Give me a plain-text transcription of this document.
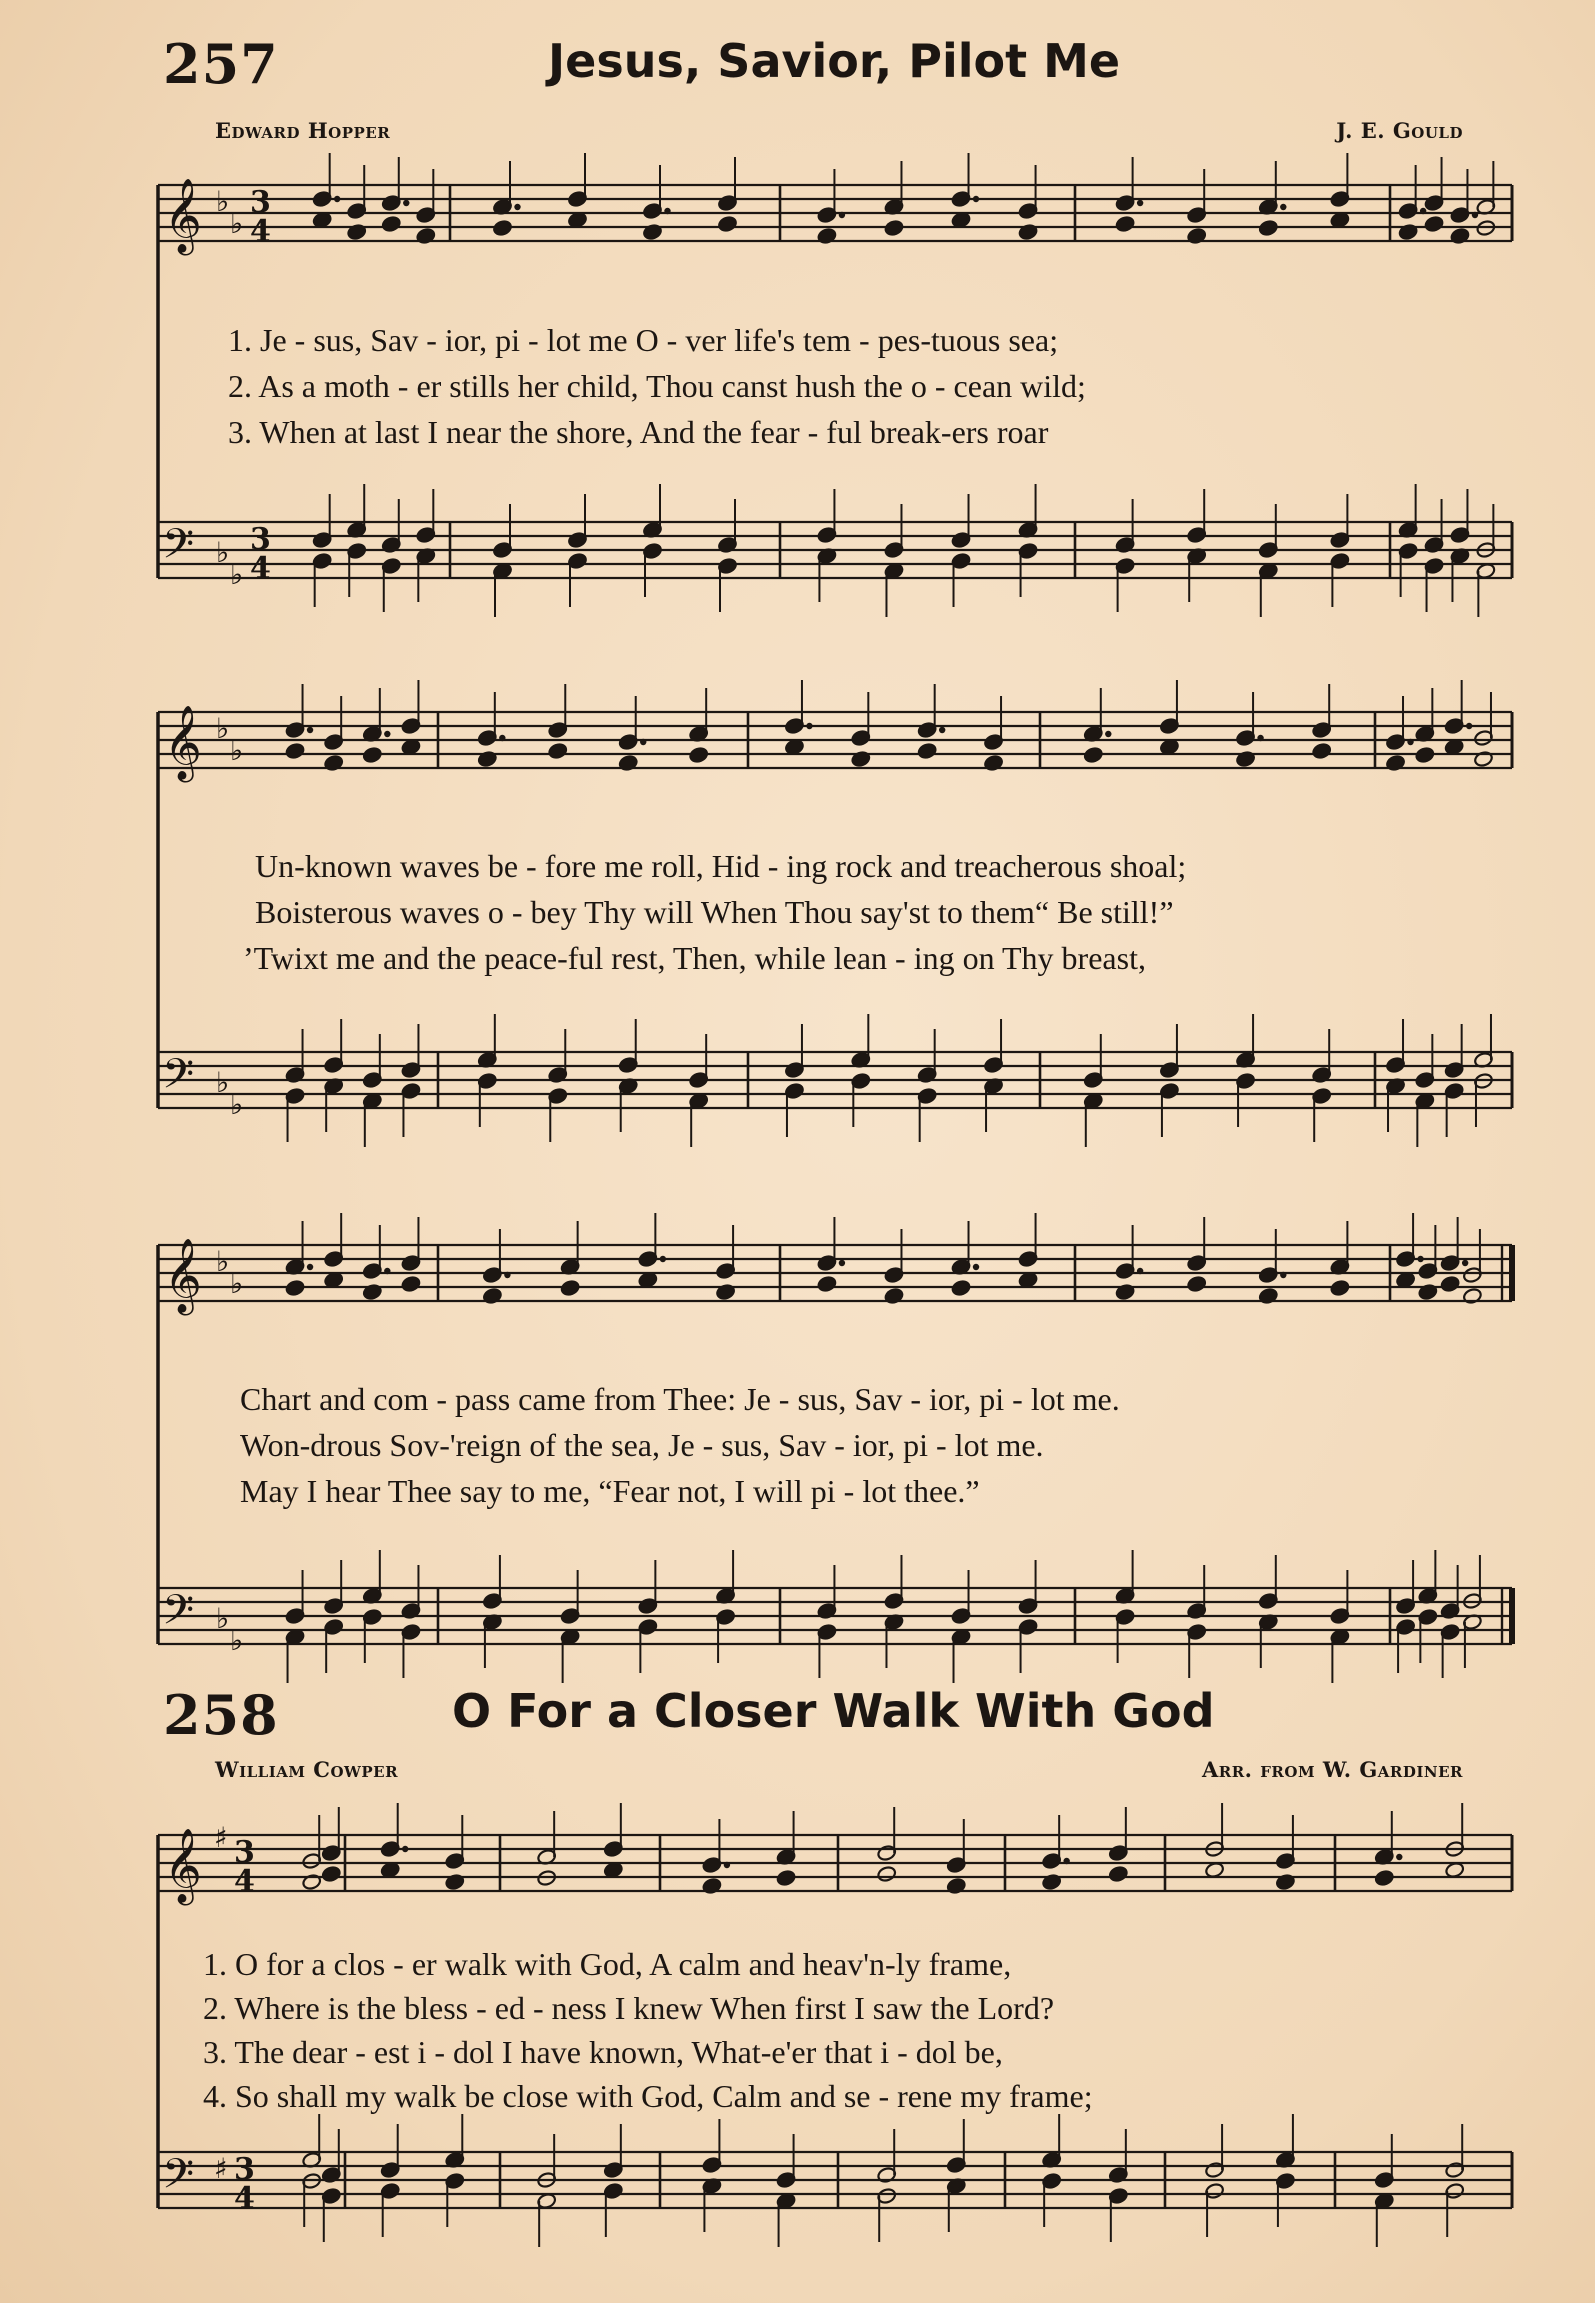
257	Jesus, Savior, Pilot Me
Edward Hopper	J. E. Gould
1. Je - sus, Sav - ior, pi - lot me O - ver life's tem - pes-tuous sea;
2. As a moth - er stills her child, Thou canst hush the o - cean wild;
3. When at last I near the shore, And the fear - ful break-ers roar
Un-known waves be - fore me roll, Hid - ing rock and treacherous shoal;
Boisterous waves o - bey Thy will When Thou say'st to them“ Be still!”
’Twixt me and the peace-ful rest, Then, while lean - ing on Thy breast,
Chart and com - pass came from Thee: Je - sus, Sav - ior, pi - lot me.
Won-drous Sov-'reign of the sea, Je - sus, Sav - ior, pi - lot me.
May I hear Thee say to me, “Fear not, I will pi - lot thee.”
258	O For a Closer Walk With God
William Cowper	Arr. from W. Gardiner
1. O for a clos - er walk with God, A calm and heav'n-ly frame,
2. Where is the bless - ed - ness I knew When first I saw the Lord?
3. The dear - est i - dol I have known, What-e'er that i - dol be,
4. So shall my walk be close with God, Calm and se - rene my frame;
𝄞
𝄢
♭
♭
♭
♭
3
4
3
4
𝄞
𝄢
♭
♭
♭
♭
𝄞
𝄢
♭
♭
♭
♭
𝄞
𝄢
♯
♯
3
4
3
4
